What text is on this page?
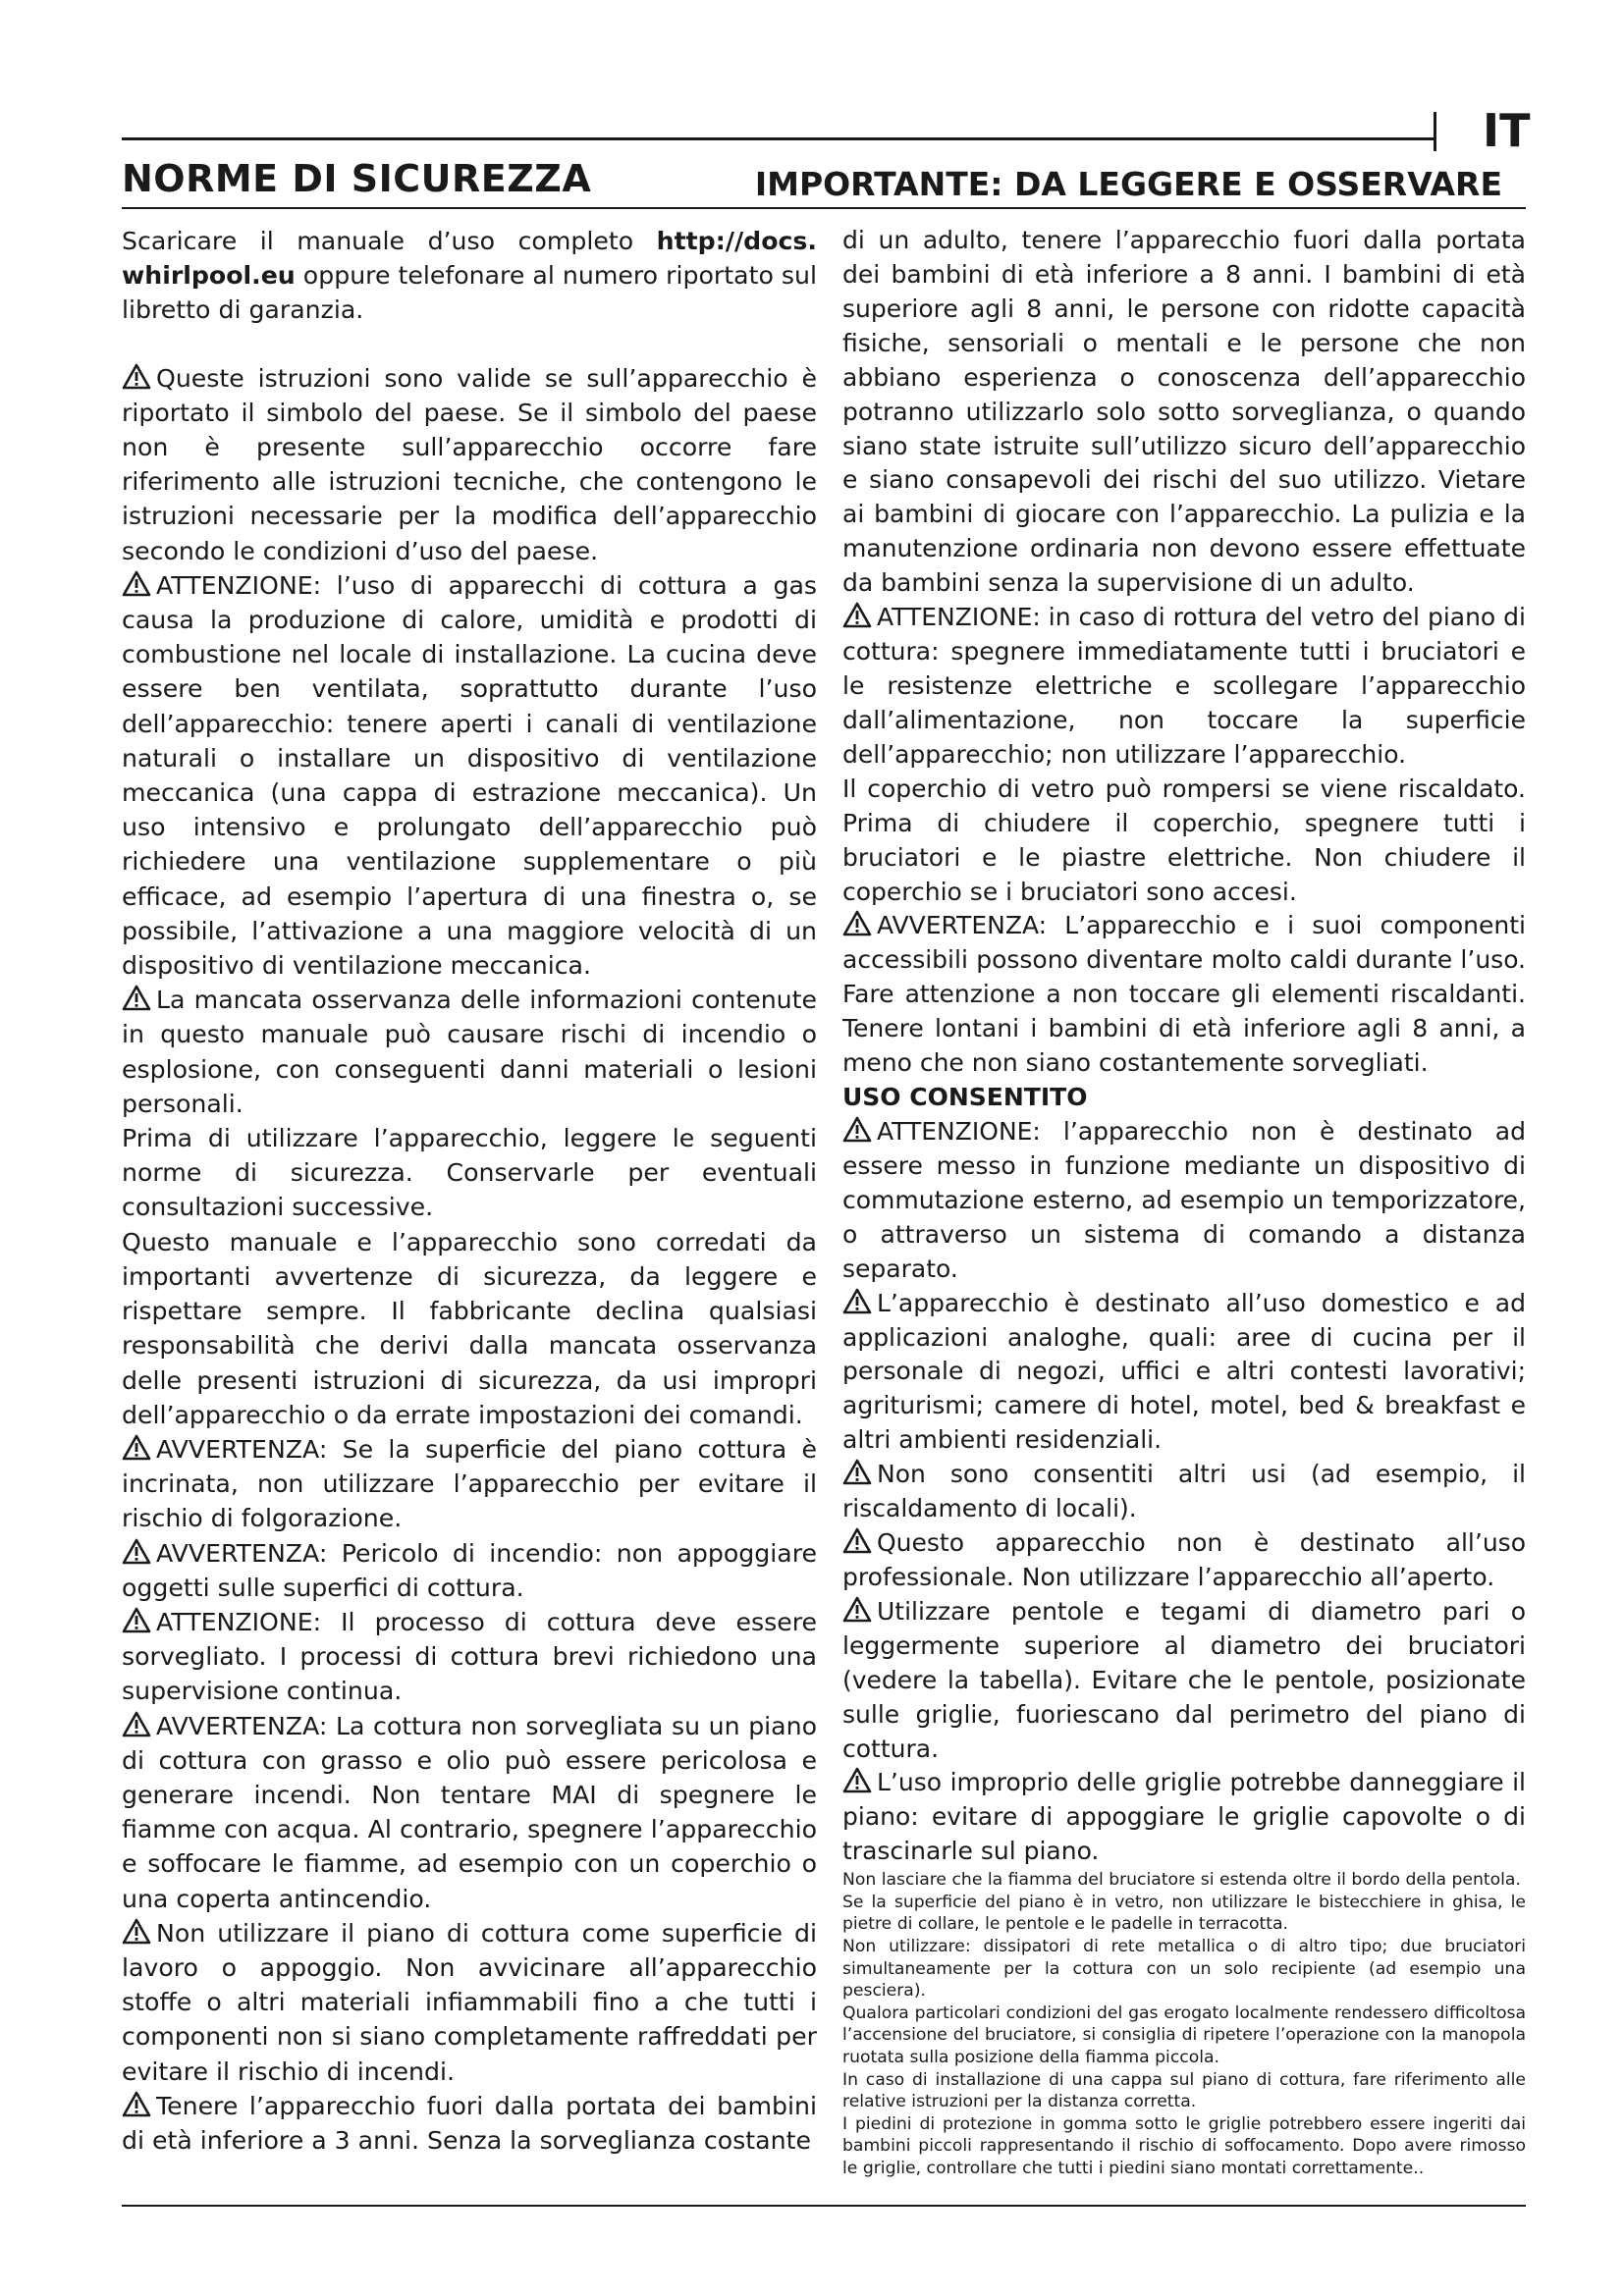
IT
NORME DI SICUREZZA	IMPORTANTE: DA LEGGERE E OSSERVARE

Scaricare il manuale d’uso completo http://docs. whirlpool.eu oppure telefonare al numero riportato sul libretto di garanzia.

Queste istruzioni sono valide se sull’apparecchio è riportato il simbolo del paese. Se il simbolo del paese non è presente sull’apparecchio occorre fare riferimento alle istruzioni tecniche, che contengono le istruzioni necessarie per la modifica dell’apparecchio secondo le condizioni d’uso del paese.

ATTENZIONE: l’uso di apparecchi di cottura a gas causa la produzione di calore, umidità e prodotti di combustione nel locale di installazione. La cucina deve essere ben ventilata, soprattutto durante l’uso dell’apparecchio: tenere aperti i canali di ventilazione naturali o installare un dispositivo di ventilazione meccanica (una cappa di estrazione meccanica). Un uso intensivo e prolungato dell’apparecchio può richiedere una ventilazione supplementare o più efficace, ad esempio l’apertura di una finestra o, se possibile, l’attivazione a una maggiore velocità di un dispositivo di ventilazione meccanica.

La mancata osservanza delle informazioni contenute in questo manuale può causare rischi di incendio o esplosione, con conseguenti danni materiali o lesioni personali.

Prima di utilizzare l’apparecchio, leggere le seguenti norme di sicurezza. Conservarle per eventuali consultazioni successive.

Questo manuale e l’apparecchio sono corredati da importanti avvertenze di sicurezza, da leggere e rispettare sempre. Il fabbricante declina qualsiasi responsabilità che derivi dalla mancata osservanza delle presenti istruzioni di sicurezza, da usi impropri dell’apparecchio o da errate impostazioni dei comandi.

AVVERTENZA: Se la superficie del piano cottura è incrinata, non utilizzare l’apparecchio per evitare il rischio di folgorazione.

AVVERTENZA: Pericolo di incendio: non appoggiare oggetti sulle superfici di cottura.

ATTENZIONE: Il processo di cottura deve essere sorvegliato. I processi di cottura brevi richiedono una supervisione continua.

AVVERTENZA: La cottura non sorvegliata su un piano di cottura con grasso e olio può essere pericolosa e generare incendi. Non tentare MAI di spegnere le fiamme con acqua. Al contrario, spegnere l’apparecchio e soffocare le fiamme, ad esempio con un coperchio o una coperta antincendio.

Non utilizzare il piano di cottura come superficie di lavoro o appoggio. Non avvicinare all’apparecchio stoffe o altri materiali infiammabili fino a che tutti i componenti non si siano completamente raffreddati per evitare il rischio di incendi.

Tenere l’apparecchio fuori dalla portata dei bambini di età inferiore a 3 anni. Senza la sorveglianza costante

di un adulto, tenere l’apparecchio fuori dalla portata dei bambini di età inferiore a 8 anni. I bambini di età superiore agli 8 anni, le persone con ridotte capacità fisiche, sensoriali o mentali e le persone che non abbiano esperienza o conoscenza dell’apparecchio potranno utilizzarlo solo sotto sorveglianza, o quando siano state istruite sull’utilizzo sicuro dell’apparecchio e siano consapevoli dei rischi del suo utilizzo. Vietare ai bambini di giocare con l’apparecchio. La pulizia e la manutenzione ordinaria non devono essere effettuate da bambini senza la supervisione di un adulto.

ATTENZIONE: in caso di rottura del vetro del piano di cottura: spegnere immediatamente tutti i bruciatori e le resistenze elettriche e scollegare l’apparecchio dall’alimentazione, non toccare la superficie dell’apparecchio; non utilizzare l’apparecchio.

Il coperchio di vetro può rompersi se viene riscaldato. Prima di chiudere il coperchio, spegnere tutti i bruciatori e le piastre elettriche. Non chiudere il coperchio se i bruciatori sono accesi.

AVVERTENZA: L’apparecchio e i suoi componenti accessibili possono diventare molto caldi durante l’uso. Fare attenzione a non toccare gli elementi riscaldanti. Tenere lontani i bambini di età inferiore agli 8 anni, a meno che non siano costantemente sorvegliati.

USO CONSENTITO

ATTENZIONE: l’apparecchio non è destinato ad essere messo in funzione mediante un dispositivo di commutazione esterno, ad esempio un temporizzatore, o attraverso un sistema di comando a distanza separato.

L’apparecchio è destinato all’uso domestico e ad applicazioni analoghe, quali: aree di cucina per il personale di negozi, uffici e altri contesti lavorativi; agriturismi; camere di hotel, motel, bed & breakfast e altri ambienti residenziali.

Non sono consentiti altri usi (ad esempio, il riscaldamento di locali).

Questo apparecchio non è destinato all’uso professionale. Non utilizzare l’apparecchio all’aperto.

Utilizzare pentole e tegami di diametro pari o leggermente superiore al diametro dei bruciatori (vedere la tabella). Evitare che le pentole, posizionate sulle griglie, fuoriescano dal perimetro del piano di cottura.

L’uso improprio delle griglie potrebbe danneggiare il piano: evitare di appoggiare le griglie capovolte o di trascinarle sul piano.

Non lasciare che la fiamma del bruciatore si estenda oltre il bordo della pentola.

Se la superficie del piano è in vetro, non utilizzare le bistecchiere in ghisa, le pietre di collare, le pentole e le padelle in terracotta.

Non utilizzare: dissipatori di rete metallica o di altro tipo; due bruciatori simultaneamente per la cottura con un solo recipiente (ad esempio una pesciera).

Qualora particolari condizioni del gas erogato localmente rendessero difficoltosa l’accensione del bruciatore, si consiglia di ripetere l’operazione con la manopola ruotata sulla posizione della fiamma piccola.

In caso di installazione di una cappa sul piano di cottura, fare riferimento alle relative istruzioni per la distanza corretta.

I piedini di protezione in gomma sotto le griglie potrebbero essere ingeriti dai bambini piccoli rappresentando il rischio di soffocamento. Dopo avere rimosso le griglie, controllare che tutti i piedini siano montati correttamente..
